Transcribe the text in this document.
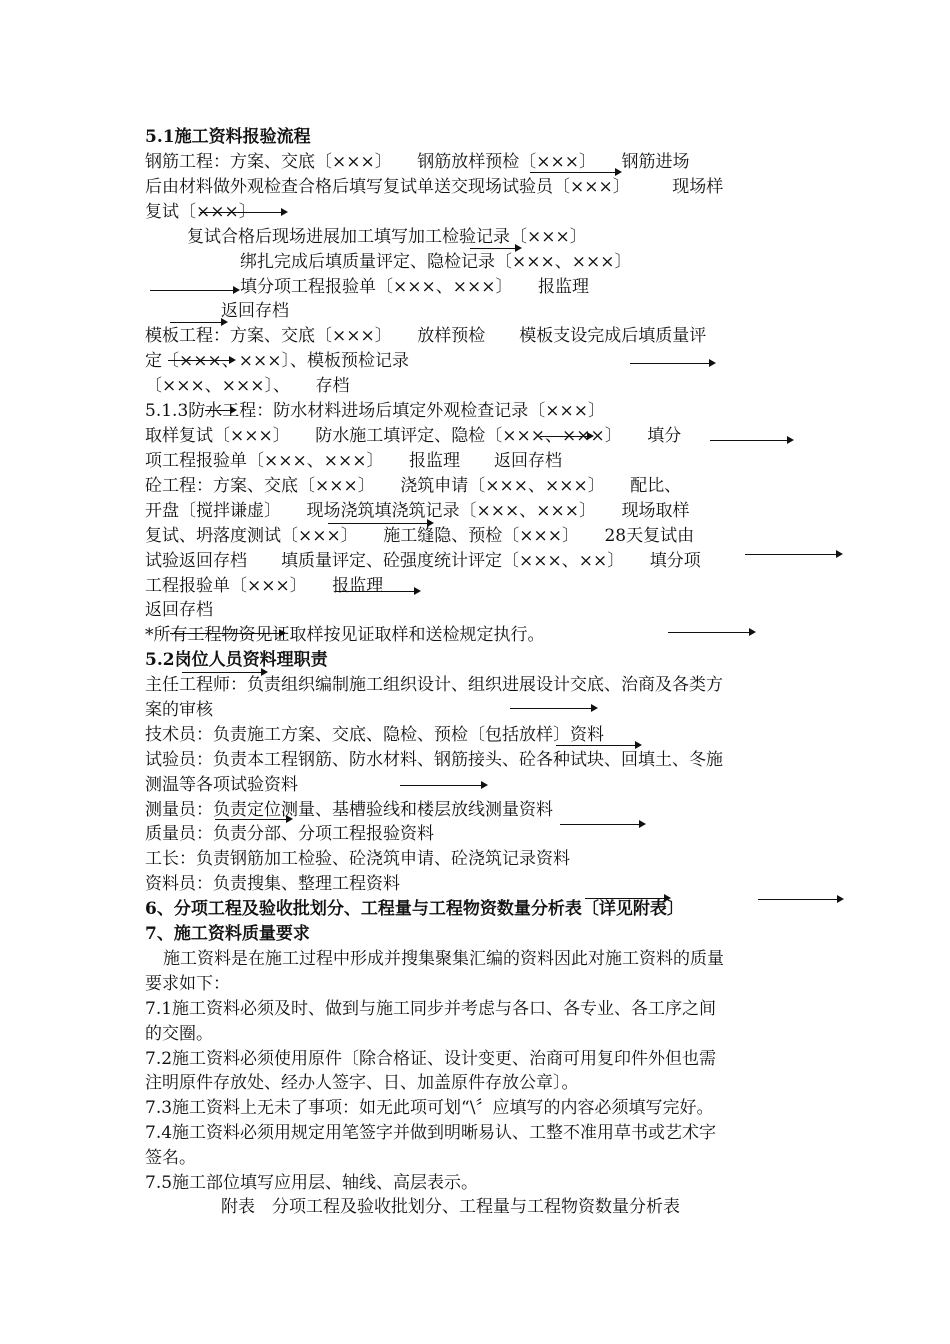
5.1施工资料报验流程
钢筋工程：方案、交底〔×××〕　　钢筋放样预检〔×××〕　　钢筋进场
后由材料做外观检查合格后填写复试单送交现场试验员〔×××〕　　　现场样
复试〔×××〕
复试合格后现场进展加工填写加工检验记录〔×××〕
绑扎完成后填质量评定、隐检记录〔×××、×××〕
填分项工程报验单〔×××、×××〕　　报监理
返回存档
模板工程：方案、交底〔×××〕　　放样预检　　模板支设完成后填质量评
定〔×××、×××〕、模板预检记录
〔×××、×××〕、　　存档
5.1.3防水工程：防水材料进场后填定外观检查记录〔×××〕
取样复试〔×××〕　　防水施工填评定、隐检〔×××、×××〕　　填分
项工程报验单〔×××、×××〕　　报监理　　返回存档
砼工程：方案、交底〔×××〕　　浇筑申请〔×××、×××〕　　配比、
开盘〔搅拌谦虚〕　　现场浇筑填浇筑记录〔×××、×××〕　　现场取样
复试、坍落度测试〔×××〕　　施工缝隐、预检〔×××〕　　28天复试由
试验返回存档　　填质量评定、砼强度统计评定〔×××、××〕　　填分项
工程报验单〔×××〕　　报监理
返回存档
*所有工程物资见证取样按见证取样和送检规定执行。
5.2岗位人员资料理职责
主任工程师：负责组织编制施工组织设计、组织进展设计交底、治商及各类方
案的审核
技术员：负责施工方案、交底、隐检、预检〔包括放样〕资料
试验员：负责本工程钢筋、防水材料、钢筋接头、砼各种试块、回填土、冬施
测温等各项试验资料
测量员：负责定位测量、基槽验线和楼层放线测量资料
质量员：负责分部、分项工程报验资料
工长：负责钢筋加工检验、砼浇筑申请、砼浇筑记录资料
资料员：负责搜集、整理工程资料
6、分项工程及验收批划分、工程量与工程物资数量分析表〔详见附表〕
7、施工资料质量要求
施工资料是在施工过程中形成并搜集聚集汇编的资料因此对施工资料的质量
要求如下：
7.1施工资料必须及时、做到与施工同步并考虑与各口、各专业、各工序之间
的交圈。
7.2施工资料必须使用原件〔除合格证、设计变更、治商可用复印件外但也需
注明原件存放处、经办人签字、日、加盖原件存放公章〕。
7.3施工资料上无未了事项：如无此项可划“\〞应填写的内容必须填写完好。
7.4施工资料必须用规定用笔签字并做到明晰易认、工整不准用草书或艺术字
签名。
7.5施工部位填写应用层、轴线、高层表示。
附表　分项工程及验收批划分、工程量与工程物资数量分析表
